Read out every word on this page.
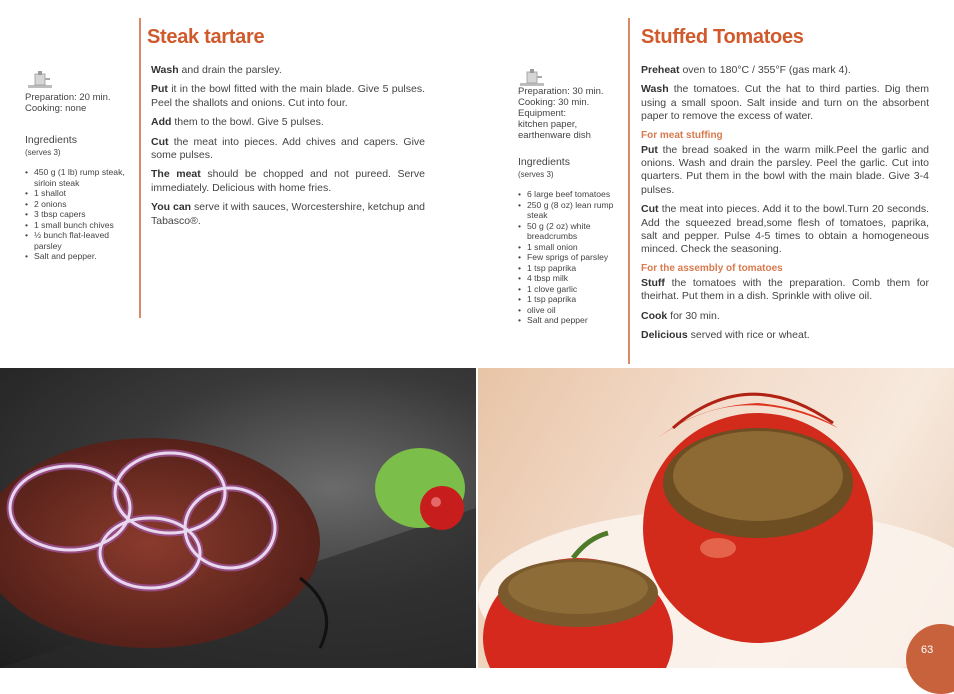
Steak tartare
Preparation: 20 min.
Cooking: none
Ingredients
(serves 3)
• 450 g (1 lb) rump steak, sirloin steak
• 1 shallot
• 2 onions
• 3 tbsp capers
• 1 small bunch chives
• ½ bunch flat-leaved parsley
• Salt and pepper.

Wash and drain the parsley.

Put it in the bowl fitted with the main blade. Give 5 pulses. Peel the shallots and onions. Cut into four.

Add them to the bowl. Give 5 pulses.

Cut the meat into pieces. Add chives and capers. Give some pulses.

The meat should be chopped and not pureed. Serve immediately. Delicious with home fries.

You can serve it with sauces, Worcestershire, ketchup and Tabasco®.

Stuffed Tomatoes
Preparation: 30 min.
Cooking: 30 min.
Equipment:
kitchen paper,
earthenware dish
Ingredients
(serves 3)
• 6 large beef tomatoes
• 250 g (8 oz) lean rump steak
• 50 g (2 oz) white breadcrumbs
• 1 small onion
• Few sprigs of parsley
• 1 tsp paprika
• 4 tbsp milk
• 1 clove garlic
• 1 tsp paprika
• olive oil
• Salt and pepper

Preheat oven to 180°C / 355°F (gas mark 4).

Wash the tomatoes. Cut the hat to third parties. Dig them using a small spoon. Salt inside and turn on the absorbent paper to remove the excess of water.

For meat stuffing

Put the bread soaked in the warm milk.Peel the garlic and onions. Wash and drain the parsley. Peel the garlic. Cut into quarters. Put them in the bowl with the main blade. Give 3-4 pulses.

Cut the meat into pieces. Add it to the bowl.Turn 20 seconds. Add the squeezed bread,some flesh of tomatoes, paprika, salt and pepper. Pulse 4-5 times to obtain a homogeneous minced. Check the seasoning.

For the assembly of tomatoes

Stuff the tomatoes with the preparation. Comb them for theirhat. Put them in a dish. Sprinkle with olive oil.

Cook for 30 min.

Delicious served with rice or wheat.

63
